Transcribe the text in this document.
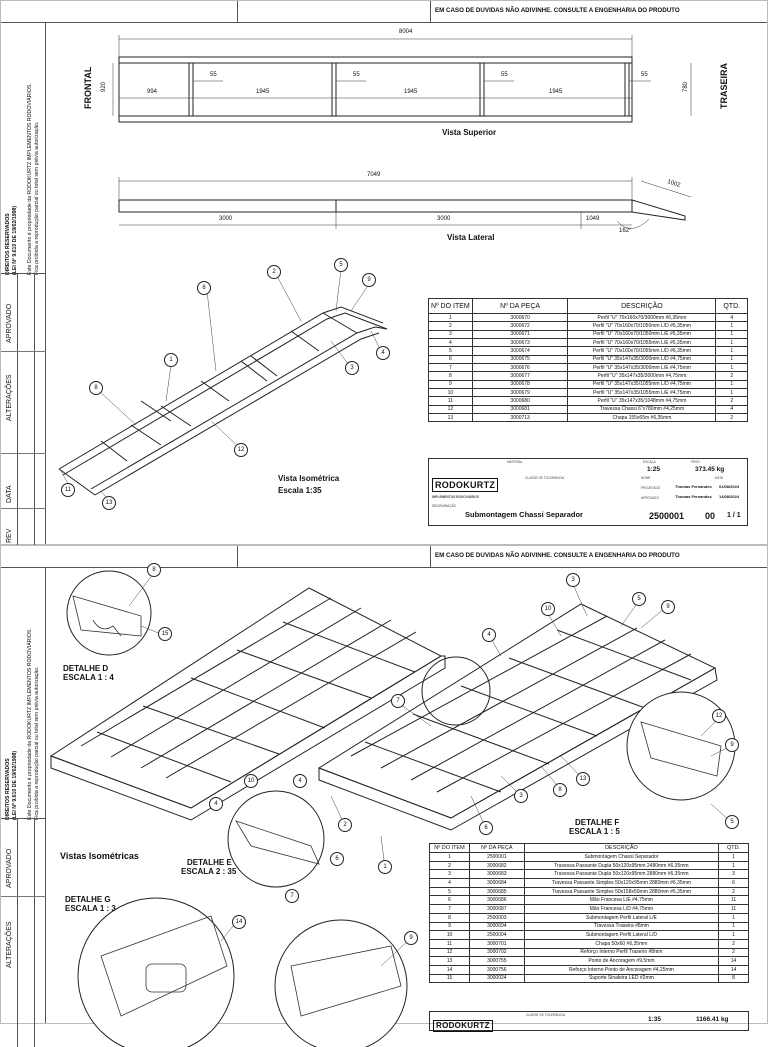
EM CASO DE DUVIDAS NÃO ADIVINHE. CONSULTE A ENGENHARIA DO PRODUTO
DIREITOS RESERVADOS (LEI Nº 9.610 DE 19/02/1998) Este Documento é propriedade da RODOKURTZ IMPLEMENTOS RODOVIÁRIOS. Fica proibida a reprodução parcial ou total sem prévia autorização.
APROVADO
ALTERAÇÕES
DATA
REV
8004
920	780
994	1945	1945	1945
55	55	55	55
FRONTAL	TRASEIRA
Vista Superior
7049
1002
3000	3000	1049
162°
Vista Lateral
1
2
3
4
5
6
8
9
11
12
13
Vista Isométrica
Escala 1:35
Nº DO ITEM	Nº DA PEÇA	DESCRIÇÃO	QTD.
1	3000670	Perfil "U" 70x160x70/3000mm #6,35mm	4
2	3000672	Perfil "U" 70x160x70/1050mm L/D #6,35mm	1
3	3000671	Perfil "U" 70x160x70/1050mm L/E #6,35mm	1
4	3000673	Perfil "U" 70x160x70/1055mm L/E #6,35mm	1
5	3000674	Perfil "U" 70x160x70/1055mm L/D #6,35mm	1
6	3000675	Perfil "U" 35x147x35/3000mm L/D #4,75mm	1
7	3000676	Perfil "U" 35x147x35/3000mm L/E #4,75mm	1
8	3000677	Perfil "U" 35x147x35/3000mm #4,75mm	2
9	3000678	Perfil "U" 35x147x35/1055mm L/D #4,75mm	1
10	3000679	Perfil "U" 35x147x35/1055mm L/E #4,75mm	1
11	3000680	Perfil "U" 35x147x35/1048mm #4,75mm	2
12	3000681	Travessa Chassi 6"x780mm #4,25mm	4
13	3000713	Chapa 155x65m #6,35mm	2
MATERIAL	ESCALA	PESO
1:25	373.45 kg
RODOKURTZ
IMPLEMENTOS RODOVIÁRIOS
CLASSE DE TOLERÂNCIA	NOME	DATA
PROJETADO	Thomas Fernandes 01/08/2024
APROVADO	Thomas Fernandes 14/08/2024
DENOMINAÇÃO
Submontagem Chassi Separador	2500001 00 1 / 1
EM CASO DE DUVIDAS NÃO ADIVINHE. CONSULTE A ENGENHARIA DO PRODUTO
DIREITOS RESERVADOS (LEI Nº 9.610 DE 19/02/1998) Este Documento é propriedade da RODOKURTZ IMPLEMENTOS RODOVIÁRIOS. Fica proibida a reprodução parcial ou total sem prévia autorização.
APROVADO
ALTERAÇÕES
8
15
3
10
5
9
4
7
12
9
5
13
8
3
6
2
1
10	4
4
6
7
14
9
DETALHE D
ESCALA 1 : 4
Vistas Isométricas
DETALHE E
ESCALA 2 : 35
DETALHE F
ESCALA 1 : 5
DETALHE G
ESCALA 1 : 3
Nº DO ITEM	Nº DA PEÇA	DESCRIÇÃO	QTD.
1	2500001	Submontagem Chassi Separador	1
2	3000682	Travessa Passante Dupla 50x120x95mm 2480mm #6,35mm	1
3	3000683	Travessa Passante Dupla 50x120x95mm 2880mm #6,35mm	3
4	3000684	Travessa Passante Simples 50x120x95mm 2880mm #6,35mm	6
5	3000685	Travessa Passante Simples 50x158x50mm 2880mm #6,35mm	2
6	3000686	Mão Francesa L/E #4,75mm	11
7	3000687	Mão Francesa L/D #4,75mm	11
8	2500003	Submontagem Perfil Lateral L/E	1
9	3000694	Travessa Traseira #8mm	1
10	2500004	Submontagem Perfil Lateral L/D	1
11	3000701	Chapa 50x60 #6,35mm	2
12	3000702	Reforço Interno Perfil Traseiro #8mm	2
13	3000755	Ponto de Ancoragem #9,5mm	14
14	3000756	Reforço Interno Ponto de Ancoragem #4,25mm	14
15	3000024	Suporte Sinaleira LED #2mm	8
RODOKURTZ
CLASSE DE TOLERÂNCIA
1:35	1166.41 kg
